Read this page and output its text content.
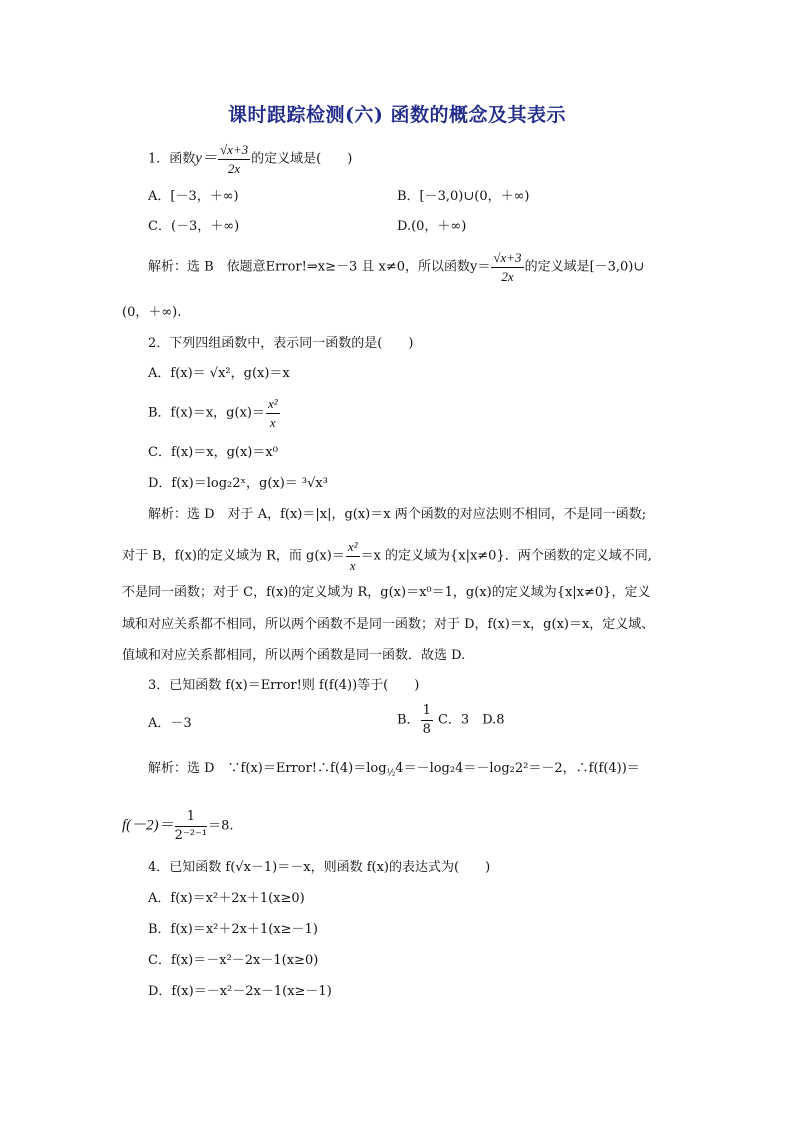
课时跟踪检测(六) 函数的概念及其表示
1．函数$y= \frac{√x+3}{2x}$ 的定义域是(　　)
A．[－3，＋∞)	B．[－3,0)∪(0，＋∞)
C．(－3，＋∞)	D.(0，＋∞)
解析：选 B　依题意Error!⇒x≥－3 且 x≠0，所以函数$y= \frac{√x+3}{2x}$ 的定义域是[－3,0)∪
(0，＋∞).
2．下列四组函数中，表示同一函数的是(　　)
A．f(x)＝ √x²，g(x)＝x
B．f(x)＝x，$g(x)= \frac{\text{x²}}{x}$
C．f(x)＝x，g(x)＝x⁰
D．f(x)＝log₂2ˣ，g(x)＝ ³√x³
解析：选 D　对于 A，f(x)＝|x|，g(x)＝x 两个函数的对应法则不相同，不是同一函数;
对于 B，f(x)的定义域为 R，而 $g(x)= \frac{\text{x²}}{x} =x$ 的定义域为{x|x≠0}．两个函数的定义域不同,
不是同一函数；对于 C，f(x)的定义域为 R，g(x)＝x⁰＝1，g(x)的定义域为{x|x≠0}，定义
域和对应关系都不相同，所以两个函数不是同一函数；对于 D，f(x)＝x，g(x)＝x，定义域、
值域和对应关系都相同，所以两个函数是同一函数．故选 D.
3．已知函数 f(x)＝Error!则 f(f(4))等于(　　)
A．－3	B． $\frac{1}{8}$ C．3　D.8
解析：选 D　$\because f(x)=Error!\therefore f(4)=\log_{\frac{1}{2}}4=-\log_24=-\log_22^2=-2$，∴f(f(4))＝
$f(-2)= \frac{1}{\text{2⁻²⁻¹}} =8$.
4．已知函数 f(√x－1)＝－x，则函数 f(x)的表达式为(　　)
A．f(x)＝x²＋2x＋1(x≥0)
B．f(x)＝x²＋2x＋1(x≥－1)
C．f(x)＝－x²－2x－1(x≥0)
D．f(x)＝－x²－2x－1(x≥－1)
